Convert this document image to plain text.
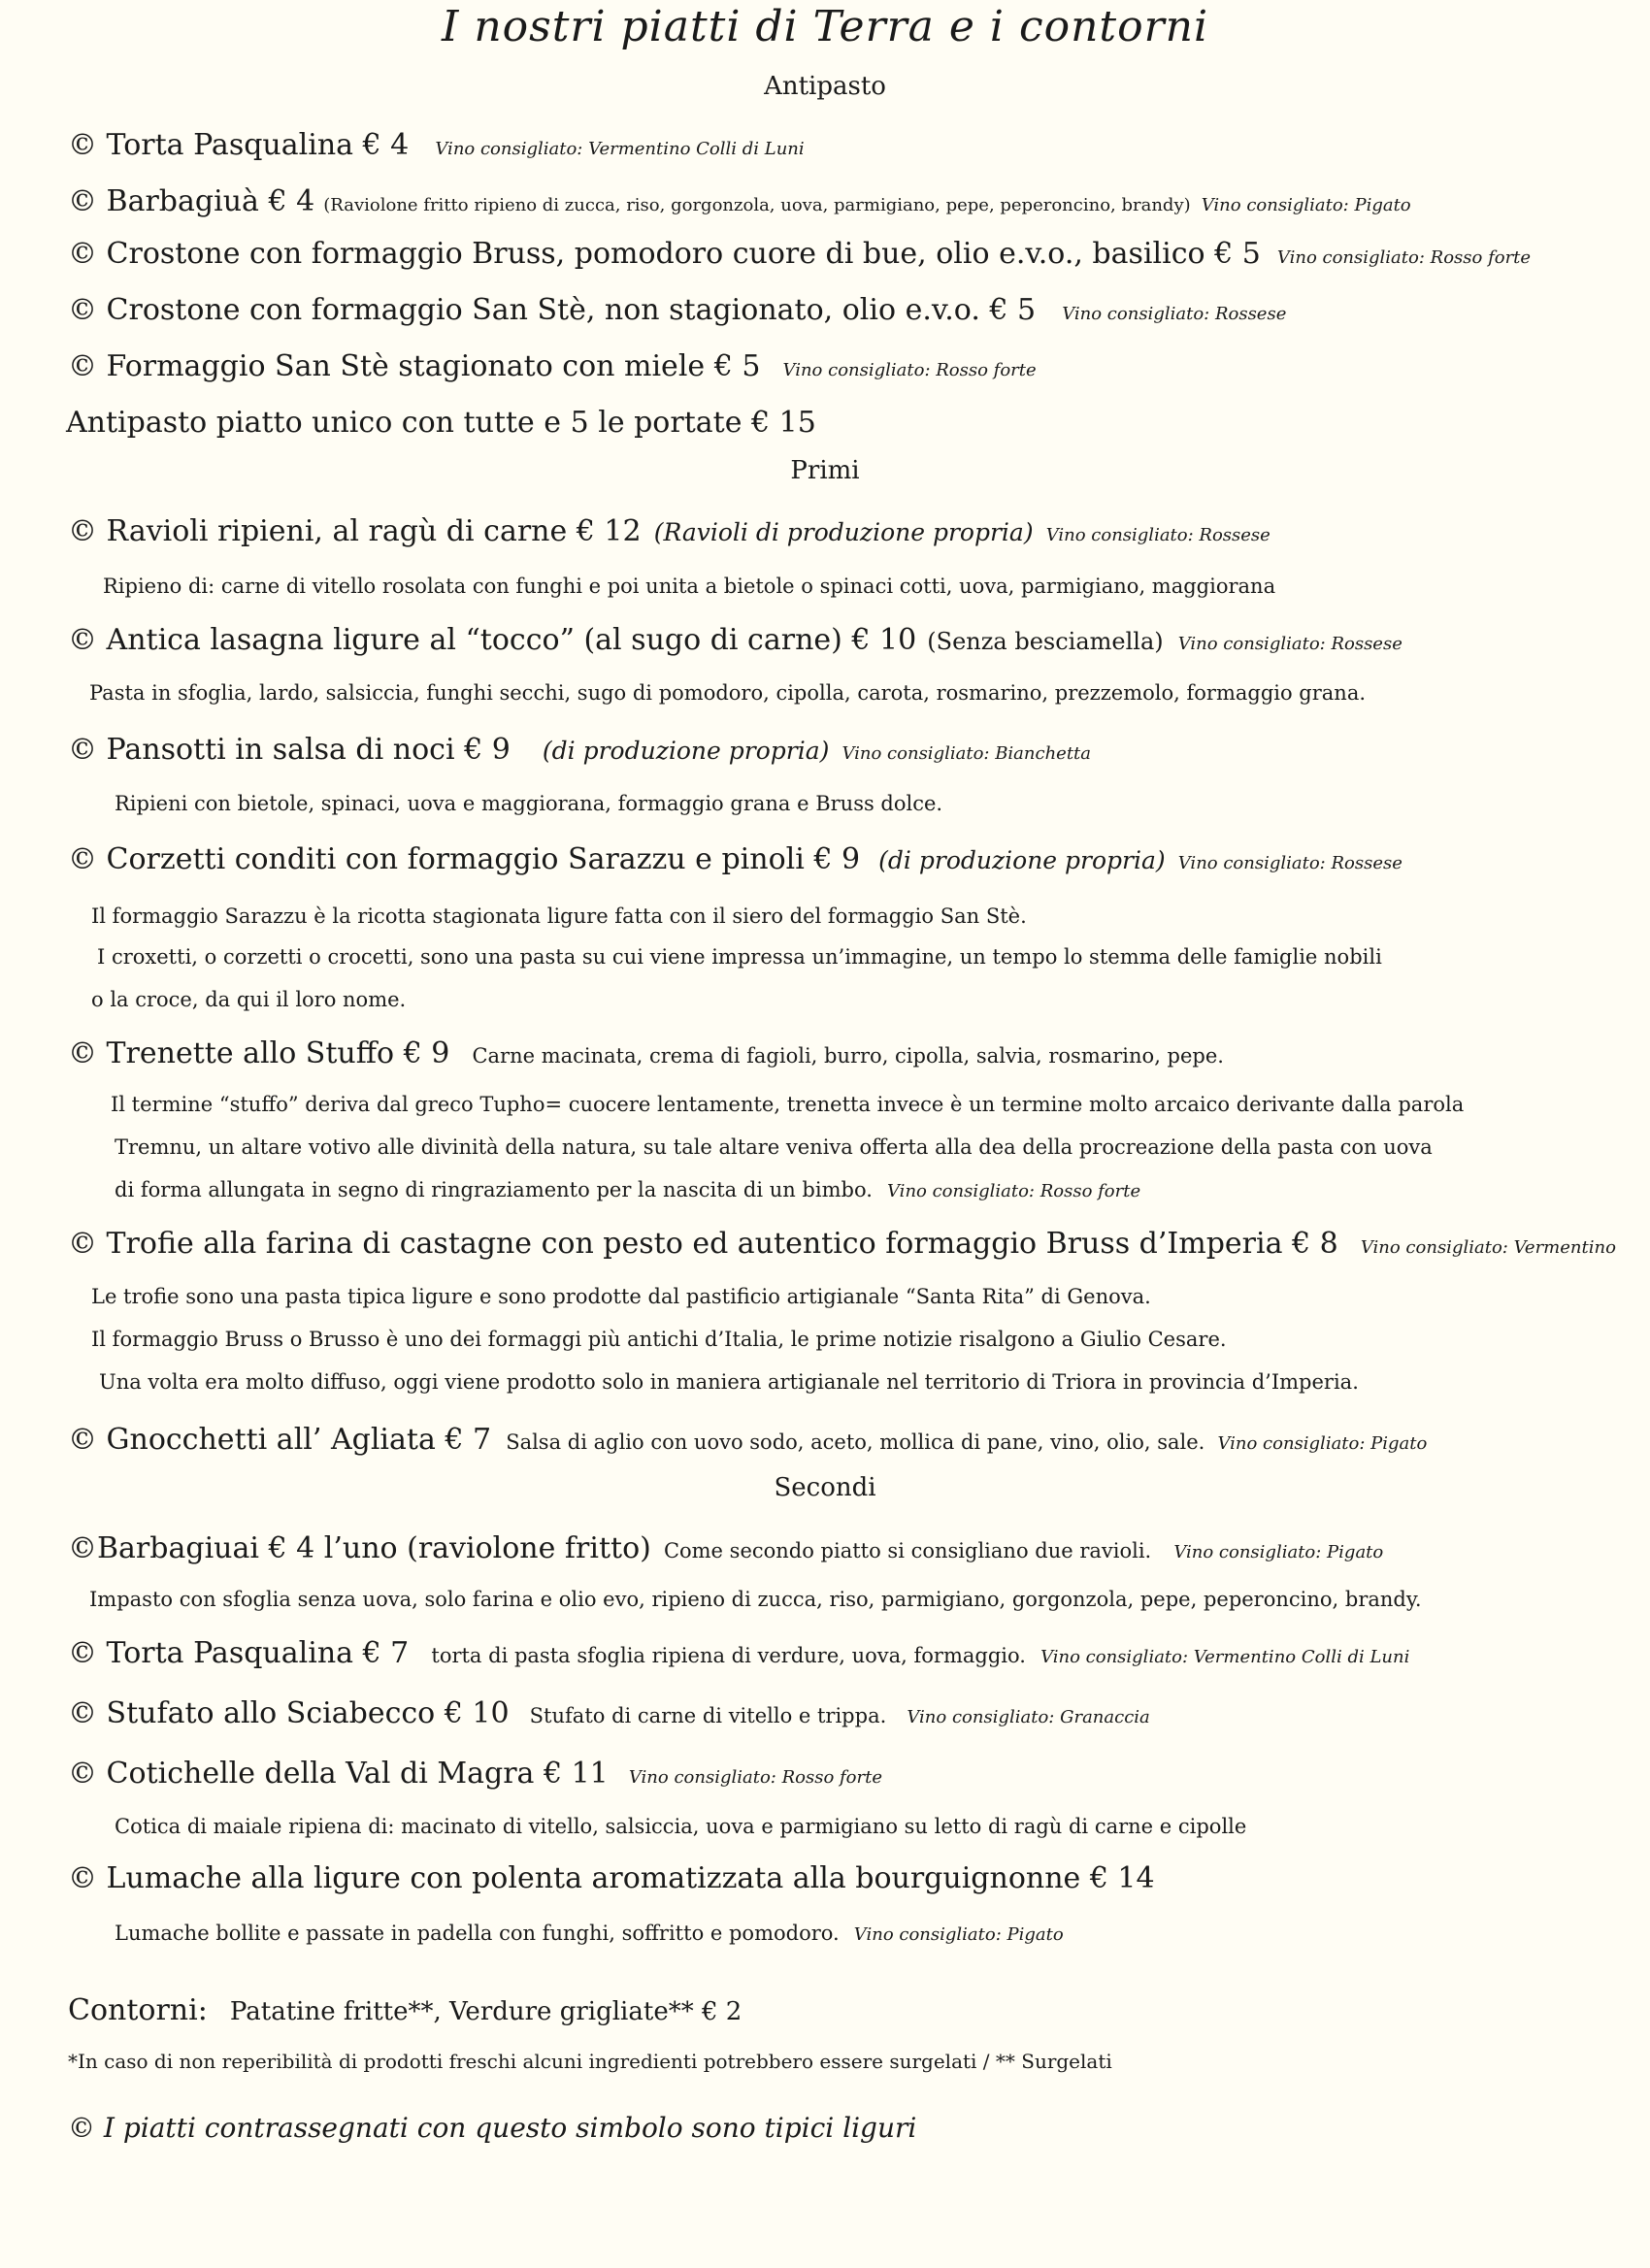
I nostri piatti di Terra e i contorni
Antipasto
© Torta Pasqualina € 4 Vino consigliato: Vermentino Colli di Luni
© Barbagiuà € 4 (Raviolone fritto ripieno di zucca, riso, gorgonzola, uova, parmigiano, pepe, peperoncino, brandy) Vino consigliato: Pigato
© Crostone con formaggio Bruss, pomodoro cuore di bue, olio e.v.o., basilico € 5 Vino consigliato: Rosso forte
© Crostone con formaggio San Stè, non stagionato, olio e.v.o. € 5 Vino consigliato: Rossese
© Formaggio San Stè stagionato con miele € 5 Vino consigliato: Rosso forte
Antipasto piatto unico con tutte e 5 le portate € 15
Primi
© Ravioli ripieni, al ragù di carne € 12 (Ravioli di produzione propria) Vino consigliato: Rossese
Ripieno di: carne di vitello rosolata con funghi e poi unita a bietole o spinaci cotti, uova, parmigiano, maggiorana
© Antica lasagna ligure al “tocco” (al sugo di carne) € 10 (Senza besciamella) Vino consigliato: Rossese
Pasta in sfoglia, lardo, salsiccia, funghi secchi, sugo di pomodoro, cipolla, carota, rosmarino, prezzemolo, formaggio grana.
© Pansotti in salsa di noci € 9 (di produzione propria) Vino consigliato: Bianchetta
Ripieni con bietole, spinaci, uova e maggiorana, formaggio grana e Bruss dolce.
© Corzetti conditi con formaggio Sarazzu e pinoli € 9 (di produzione propria) Vino consigliato: Rossese
Il formaggio Sarazzu è la ricotta stagionata ligure fatta con il siero del formaggio San Stè.
I croxetti, o corzetti o crocetti, sono una pasta su cui viene impressa un’immagine, un tempo lo stemma delle famiglie nobili
o la croce, da qui il loro nome.
© Trenette allo Stuffo € 9 Carne macinata, crema di fagioli, burro, cipolla, salvia, rosmarino, pepe.
Il termine “stuffo” deriva dal greco Tupho= cuocere lentamente, trenetta invece è un termine molto arcaico derivante dalla parola
Tremnu, un altare votivo alle divinità della natura, su tale altare veniva offerta alla dea della procreazione della pasta con uova
di forma allungata in segno di ringraziamento per la nascita di un bimbo. Vino consigliato: Rosso forte
© Trofie alla farina di castagne con pesto ed autentico formaggio Bruss d’Imperia € 8 Vino consigliato: Vermentino
Le trofie sono una pasta tipica ligure e sono prodotte dal pastificio artigianale “Santa Rita” di Genova.
Il formaggio Bruss o Brusso è uno dei formaggi più antichi d’Italia, le prime notizie risalgono a Giulio Cesare.
Una volta era molto diffuso, oggi viene prodotto solo in maniera artigianale nel territorio di Triora in provincia d’Imperia.
© Gnocchetti all’ Agliata € 7 Salsa di aglio con uovo sodo, aceto, mollica di pane, vino, olio, sale. Vino consigliato: Pigato
Secondi
©Barbagiuai € 4 l’uno (raviolone fritto) Come secondo piatto si consigliano due ravioli. Vino consigliato: Pigato
Impasto con sfoglia senza uova, solo farina e olio evo, ripieno di zucca, riso, parmigiano, gorgonzola, pepe, peperoncino, brandy.
© Torta Pasqualina € 7 torta di pasta sfoglia ripiena di verdure, uova, formaggio. Vino consigliato: Vermentino Colli di Luni
© Stufato allo Sciabecco € 10 Stufato di carne di vitello e trippa. Vino consigliato: Granaccia
© Cotichelle della Val di Magra € 11 Vino consigliato: Rosso forte
Cotica di maiale ripiena di: macinato di vitello, salsiccia, uova e parmigiano su letto di ragù di carne e cipolle
© Lumache alla ligure con polenta aromatizzata alla bourguignonne € 14
Lumache bollite e passate in padella con funghi, soffritto e pomodoro. Vino consigliato: Pigato
Contorni: Patatine fritte**, Verdure grigliate** € 2
*In caso di non reperibilità di prodotti freschi alcuni ingredienti potrebbero essere surgelati / ** Surgelati
© I piatti contrassegnati con questo simbolo sono tipici liguri
